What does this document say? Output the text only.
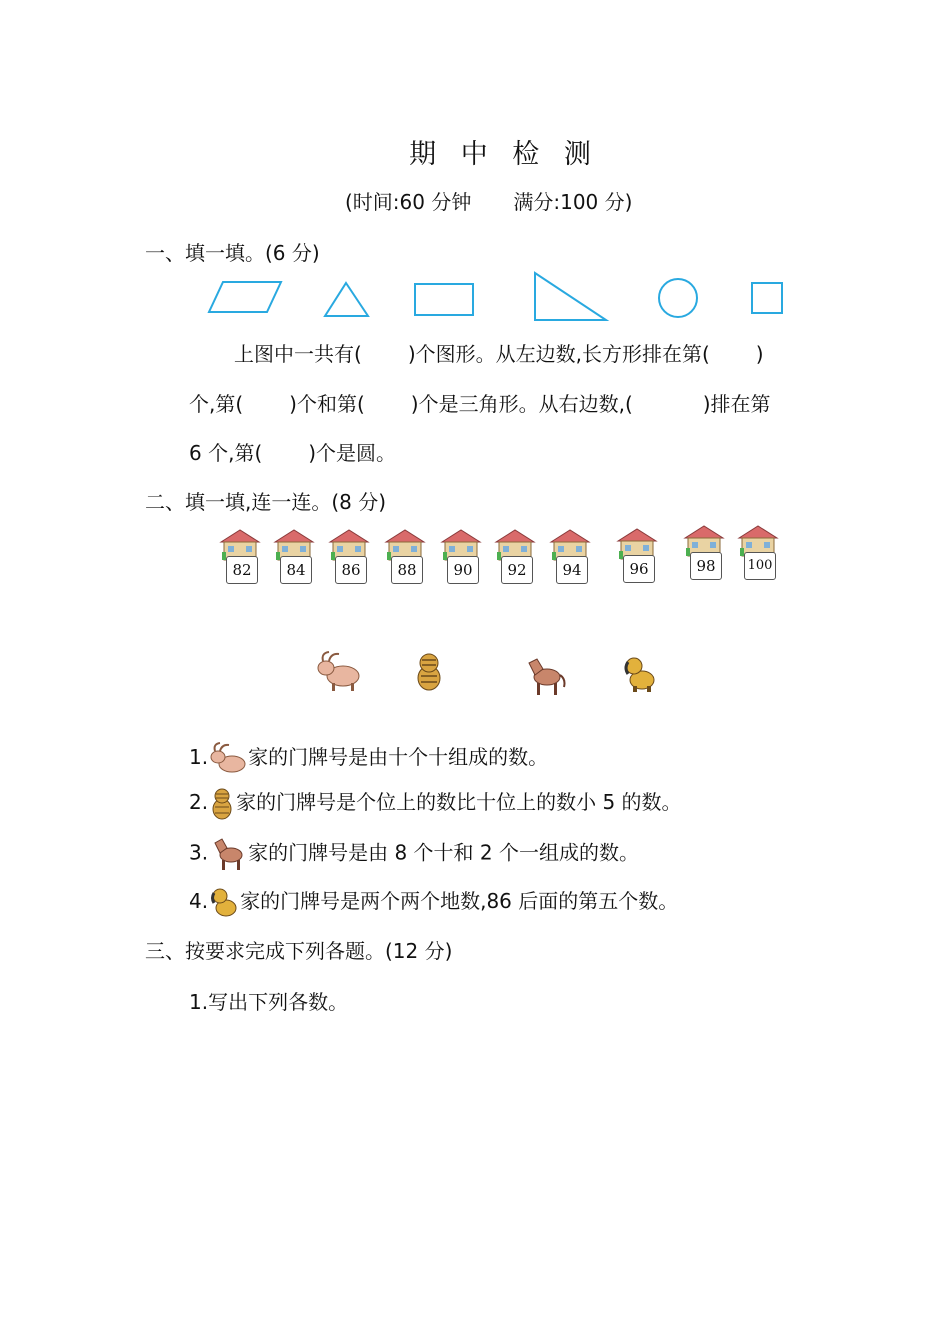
期 中 检 测
(时间:60 分钟 满分:100 分)
一、填一填。(6 分)
上图中一共有( )个图形。从左边数,长方形排在第( )
个,第( )个和第( )个是三角形。从右边数,(	)排在第
6 个,第( )个是圆。
二、填一填,连一连。(8 分)
82	84	86	88	90	92	94	96	98	100
1. 家的门牌号是由十个十组成的数。
2. 家的门牌号是个位上的数比十位上的数小 5 的数。
3. 家的门牌号是由 8 个十和 2 个一组成的数。
4. 家的门牌号是两个两个地数,86 后面的第五个数。
三、按要求完成下列各题。(12 分)
1.写出下列各数。
